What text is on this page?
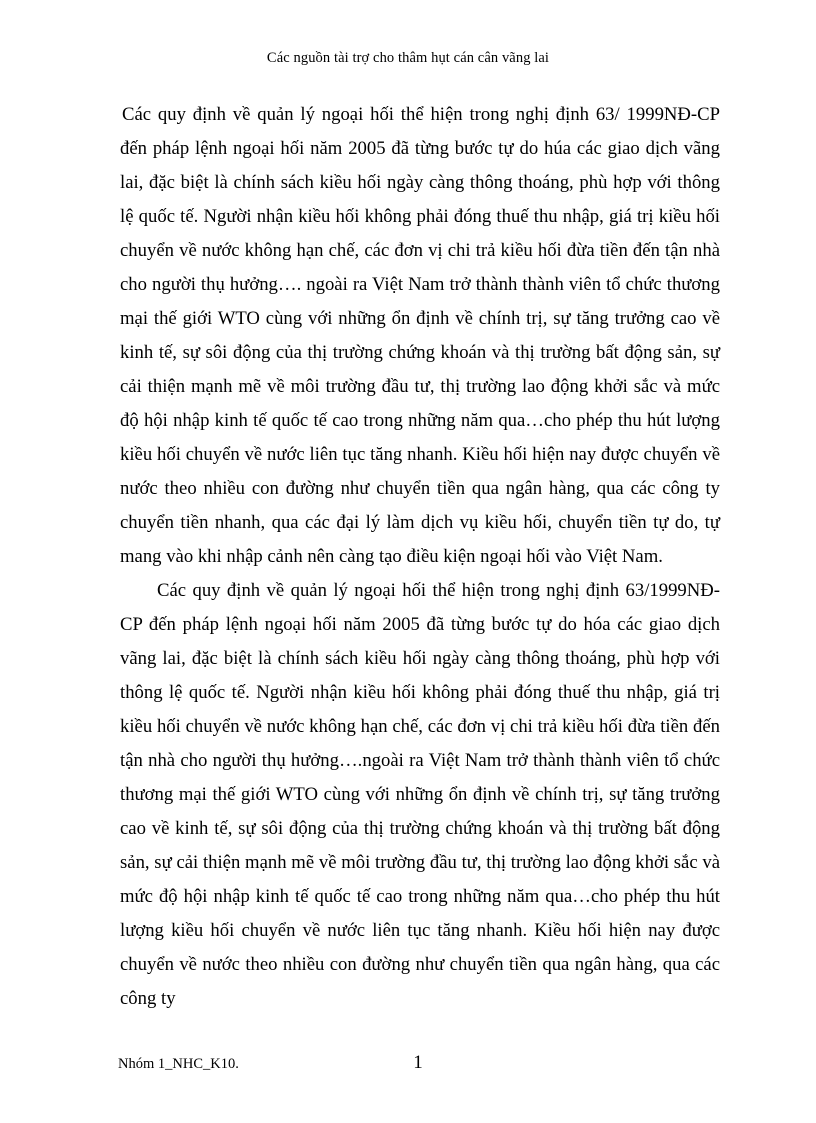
Các nguồn tài trợ cho thâm hụt cán cân vãng lai

Các quy định về quản lý ngoại hối thể hiện trong nghị định 63/ 1999NĐ-CP đến pháp lệnh ngoại hối năm 2005 đã từng bước tự do húa các giao dịch vãng lai, đặc biệt là chính sách kiều hối ngày càng thông thoáng, phù hợp với thông lệ quốc tế. Người nhận kiều hối không phải đóng thuế thu nhập, giá trị kiều hối chuyển về nước không hạn chế, các đơn vị chi trả kiều hối đừa tiền đến tận nhà cho người thụ hưởng…. ngoài ra Việt Nam trở thành thành viên tổ chức thương mại thế giới WTO cùng với những ổn định về chính trị, sự tăng trưởng cao về kinh tế, sự sôi động của thị trường chứng khoán và thị trường bất động sản, sự cải thiện mạnh mẽ về môi trường đầu tư, thị trường lao động khởi sắc và mức độ hội nhập kinh tế quốc tế cao trong những năm qua…cho phép thu hút lượng kiều hối chuyển về nước liên tục tăng nhanh. Kiều hối hiện nay được chuyển về nước theo nhiều con đường như chuyển tiền qua ngân hàng, qua các công ty chuyển tiền nhanh, qua các đại lý làm dịch vụ kiều hối, chuyển tiền tự do, tự mang vào khi nhập cảnh nên càng tạo điều kiện ngoại hối vào Việt Nam.

Các quy định về quản lý ngoại hối thể hiện trong nghị định 63/1999NĐ-CP đến pháp lệnh ngoại hối năm 2005 đã từng bước tự do hóa các giao dịch vãng lai, đặc biệt là chính sách kiều hối ngày càng thông thoáng, phù hợp với thông lệ quốc tế. Người nhận kiều hối không phải đóng thuế thu nhập, giá trị kiều hối chuyển về nước không hạn chế, các đơn vị chi trả kiều hối đừa tiền đến tận nhà cho người thụ hưởng….ngoài ra Việt Nam trở thành thành viên tổ chức thương mại thế giới WTO cùng với những ổn định về chính trị, sự tăng trưởng cao về kinh tế, sự sôi động của thị trường chứng khoán và thị trường bất động sản, sự cải thiện mạnh mẽ về môi trường đầu tư, thị trường lao động khởi sắc và mức độ hội nhập kinh tế quốc tế cao trong những năm qua…cho phép thu hút lượng kiều hối chuyển về nước liên tục tăng nhanh. Kiều hối hiện nay được chuyển về nước theo nhiều con đường như chuyển tiền qua ngân hàng, qua các công ty

Nhóm 1_NHC_K10.	1
